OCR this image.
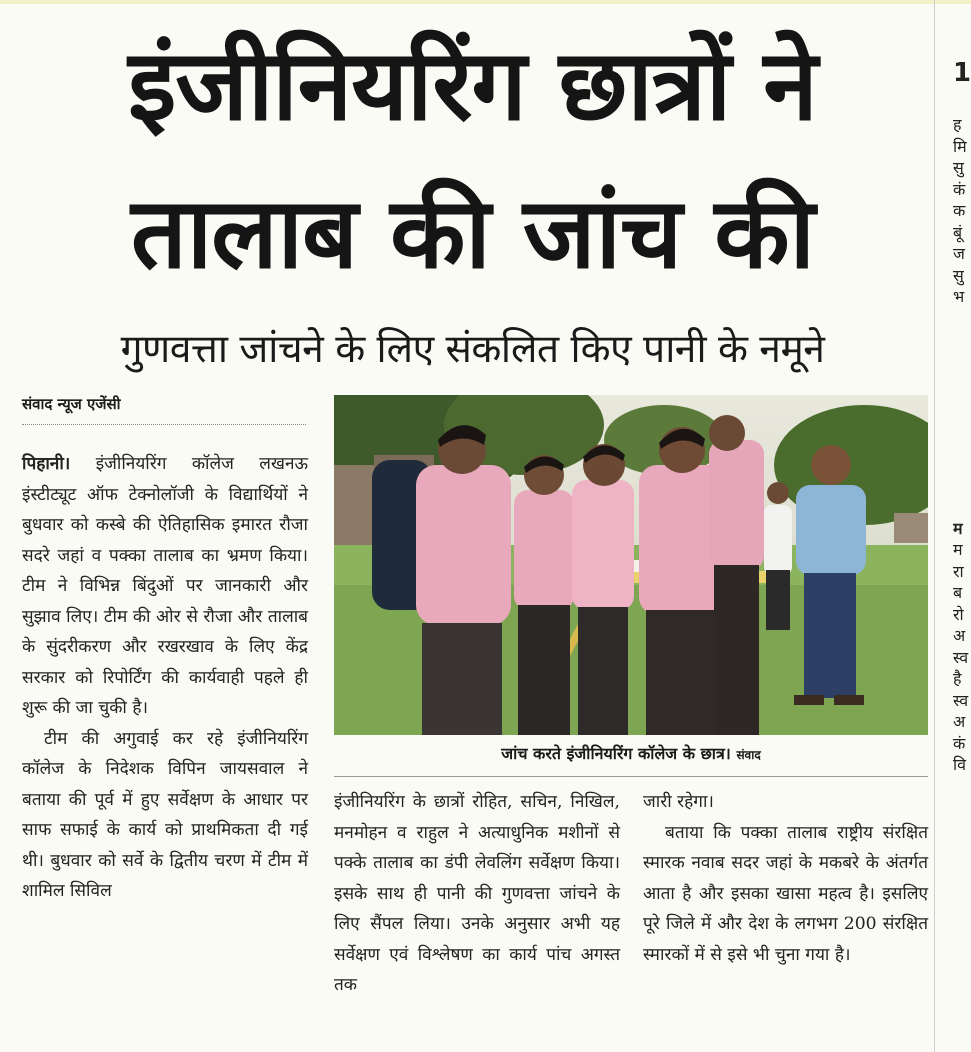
इंजीनियरिंग छात्रों ने
तालाब की जांच की
गुणवत्ता जांचने के लिए संकलित किए पानी के नमूने
संवाद न्यूज एजेंसी

पिहानी। इंजीनियरिंग कॉलेज लखनऊ इंस्टीट्यूट ऑफ टेक्नोलॉजी के विद्यार्थियों ने बुधवार को कस्बे की ऐतिहासिक इमारत रौजा सदरे जहां व पक्का तालाब का भ्रमण किया। टीम ने विभिन्न बिंदुओं पर जानकारी और सुझाव लिए। टीम की ओर से रौजा और तालाब के सुंदरीकरण और रखरखाव के लिए केंद्र सरकार को रिपोर्टिंग की कार्यवाही पहले ही शुरू की जा चुकी है।

टीम की अगुवाई कर रहे इंजीनियरिंग कॉलेज के निदेशक विपिन जायसवाल ने बताया की पूर्व में हुए सर्वेक्षण के आधार पर साफ सफाई के कार्य को प्राथमिकता दी गई थी। बुधवार को सर्वे के द्वितीय चरण में टीम में शामिल सिविल

जांच करते इंजीनियरिंग कॉलेज के छात्र। संवाद

इंजीनियरिंग के छात्रों रोहित, सचिन, निखिल, मनमोहन व राहुल ने अत्याधुनिक मशीनों से पक्के तालाब का डंपी लेवलिंग सर्वेक्षण किया। इसके साथ ही पानी की गुणवत्ता जांचने के लिए सैंपल लिया। उनके अनुसार अभी यह सर्वेक्षण एवं विश्लेषण का कार्य पांच अगस्त तक

जारी रहेगा।

बताया कि पक्का तालाब राष्ट्रीय संरक्षित स्मारक नवाब सदर जहां के मकबरे के अंतर्गत आता है और इसका खासा महत्व है। इसलिए पूरे जिले में और देश के लगभग 200 संरक्षित स्मारकों में से इसे भी चुना गया है।

1
ह
मि
सु
कं
क
बूं
ज
सु
भ
म
म
रा
ब
रो
अ
स्व
है
स्व
अ
कं
वि
